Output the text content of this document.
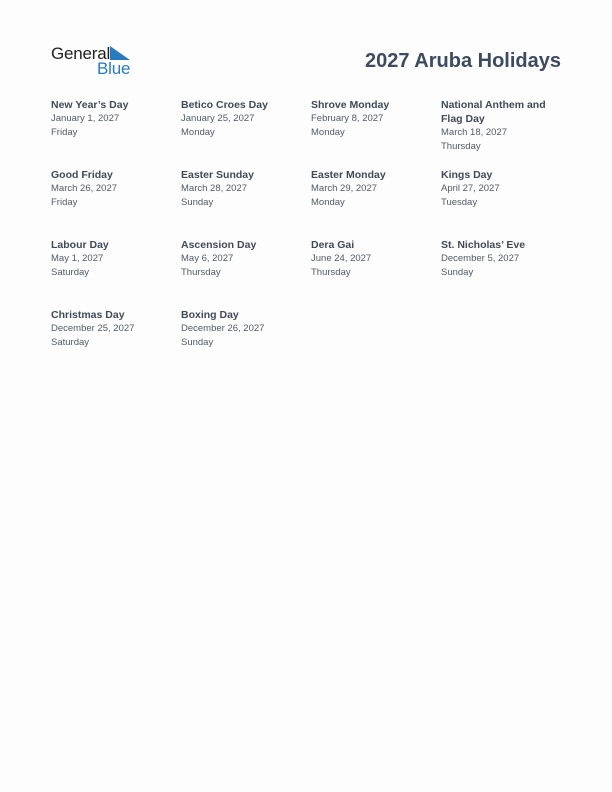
General
Blue	2027 Aruba Holidays
New Year’s Day
January 1, 2027
Friday
Betico Croes Day
January 25, 2027
Monday
Shrove Monday
February 8, 2027
Monday
National Anthem and Flag Day
March 18, 2027
Thursday
Good Friday
March 26, 2027
Friday
Easter Sunday
March 28, 2027
Sunday
Easter Monday
March 29, 2027
Monday
Kings Day
April 27, 2027
Tuesday
Labour Day
May 1, 2027
Saturday
Ascension Day
May 6, 2027
Thursday
Dera Gai
June 24, 2027
Thursday
St. Nicholas’ Eve
December 5, 2027
Sunday
Christmas Day
December 25, 2027
Saturday
Boxing Day
December 26, 2027
Sunday
